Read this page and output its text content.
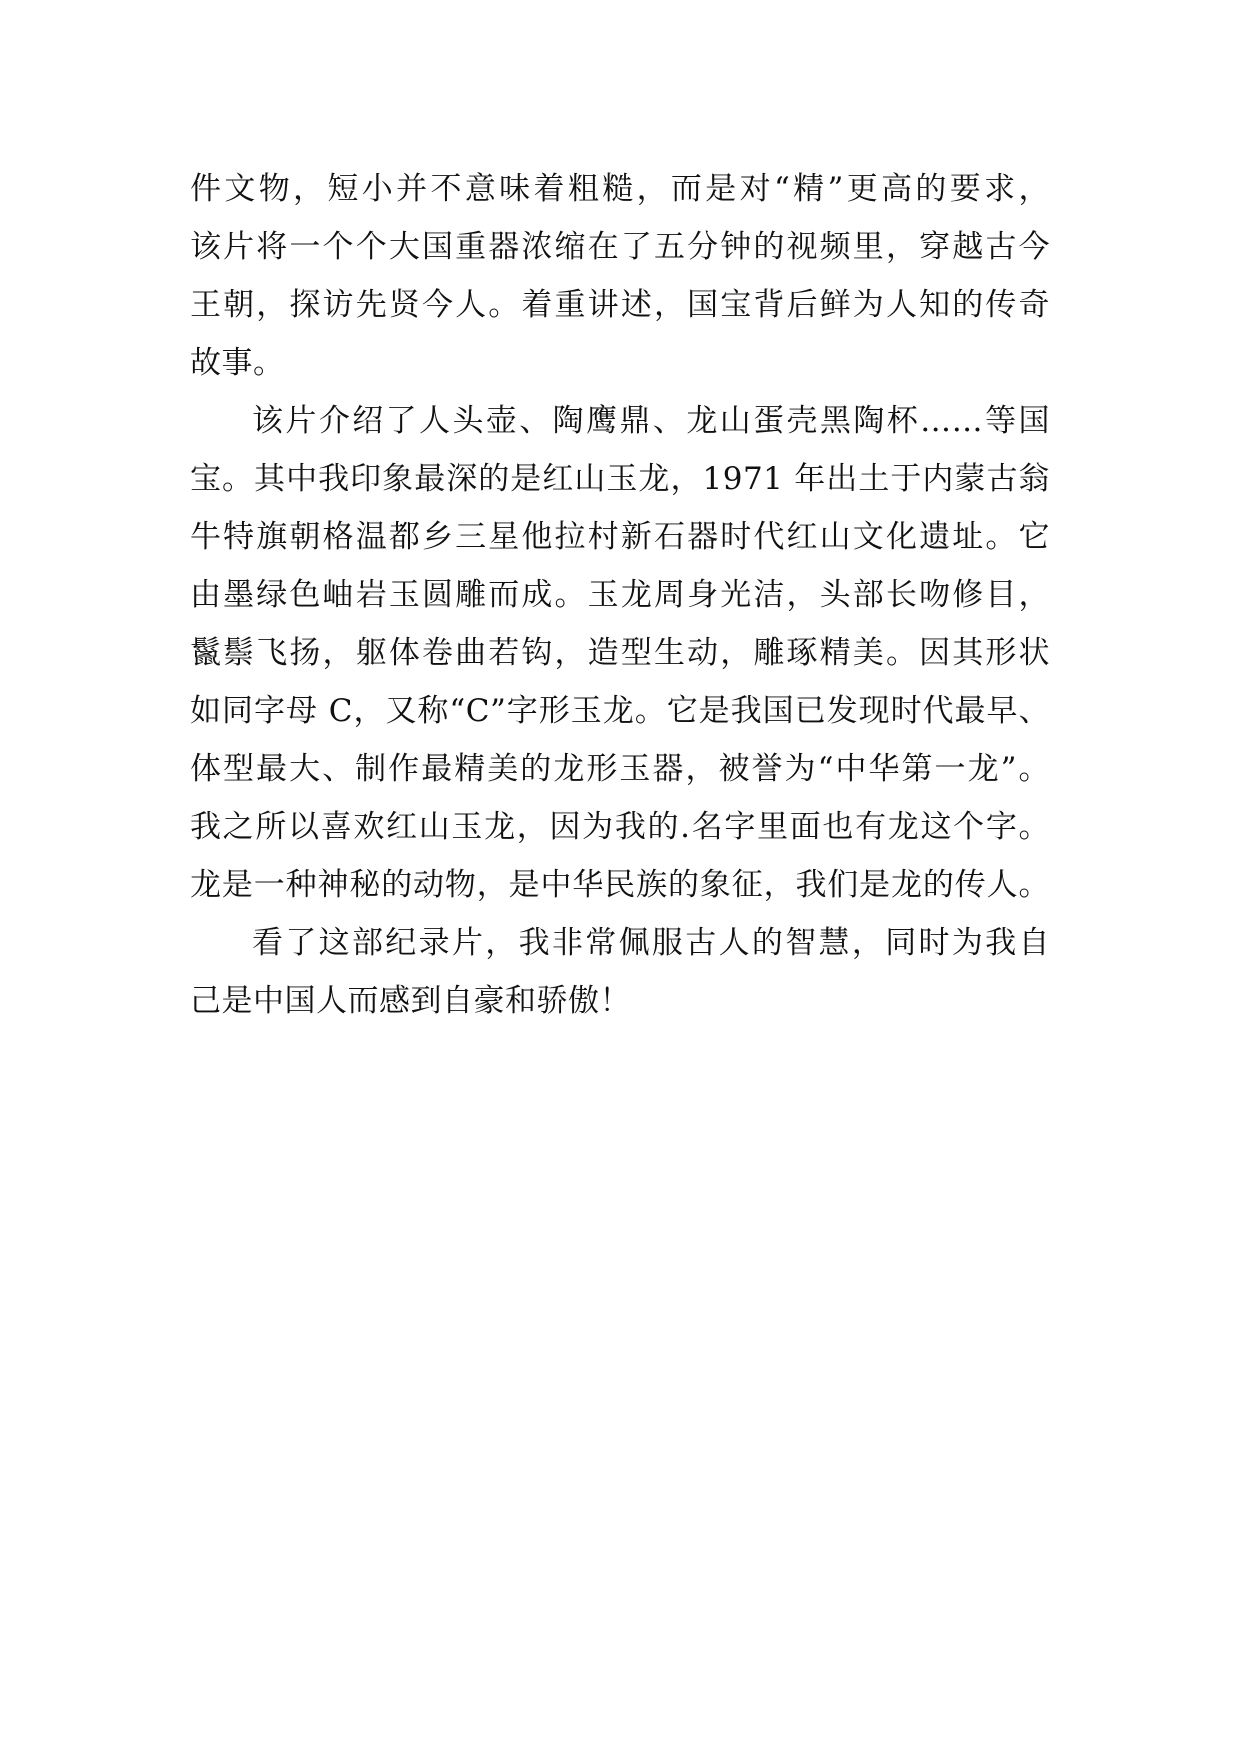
件文物，短小并不意味着粗糙，而是对“精”更高的要求，
该片将一个个大国重器浓缩在了五分钟的视频里，穿越古今
王朝，探访先贤今人。着重讲述，国宝背后鲜为人知的传奇
故事。
该片介绍了人头壶、陶鹰鼎、龙山蛋壳黑陶杯……等国
宝。其中我印象最深的是红山玉龙，1971 年出土于内蒙古翁
牛特旗朝格温都乡三星他拉村新石器时代红山文化遗址。它
由墨绿色岫岩玉圆雕而成。玉龙周身光洁，头部长吻修目，
鬣鬃飞扬，躯体卷曲若钩，造型生动，雕琢精美。因其形状
如同字母 C，又称“C”字形玉龙。它是我国已发现时代最早、
体型最大、制作最精美的龙形玉器，被誉为“中华第一龙”。
我之所以喜欢红山玉龙，因为我的.名字里面也有龙这个字。
龙是一种神秘的动物，是中华民族的象征，我们是龙的传人。
看了这部纪录片，我非常佩服古人的智慧，同时为我自
己是中国人而感到自豪和骄傲！
